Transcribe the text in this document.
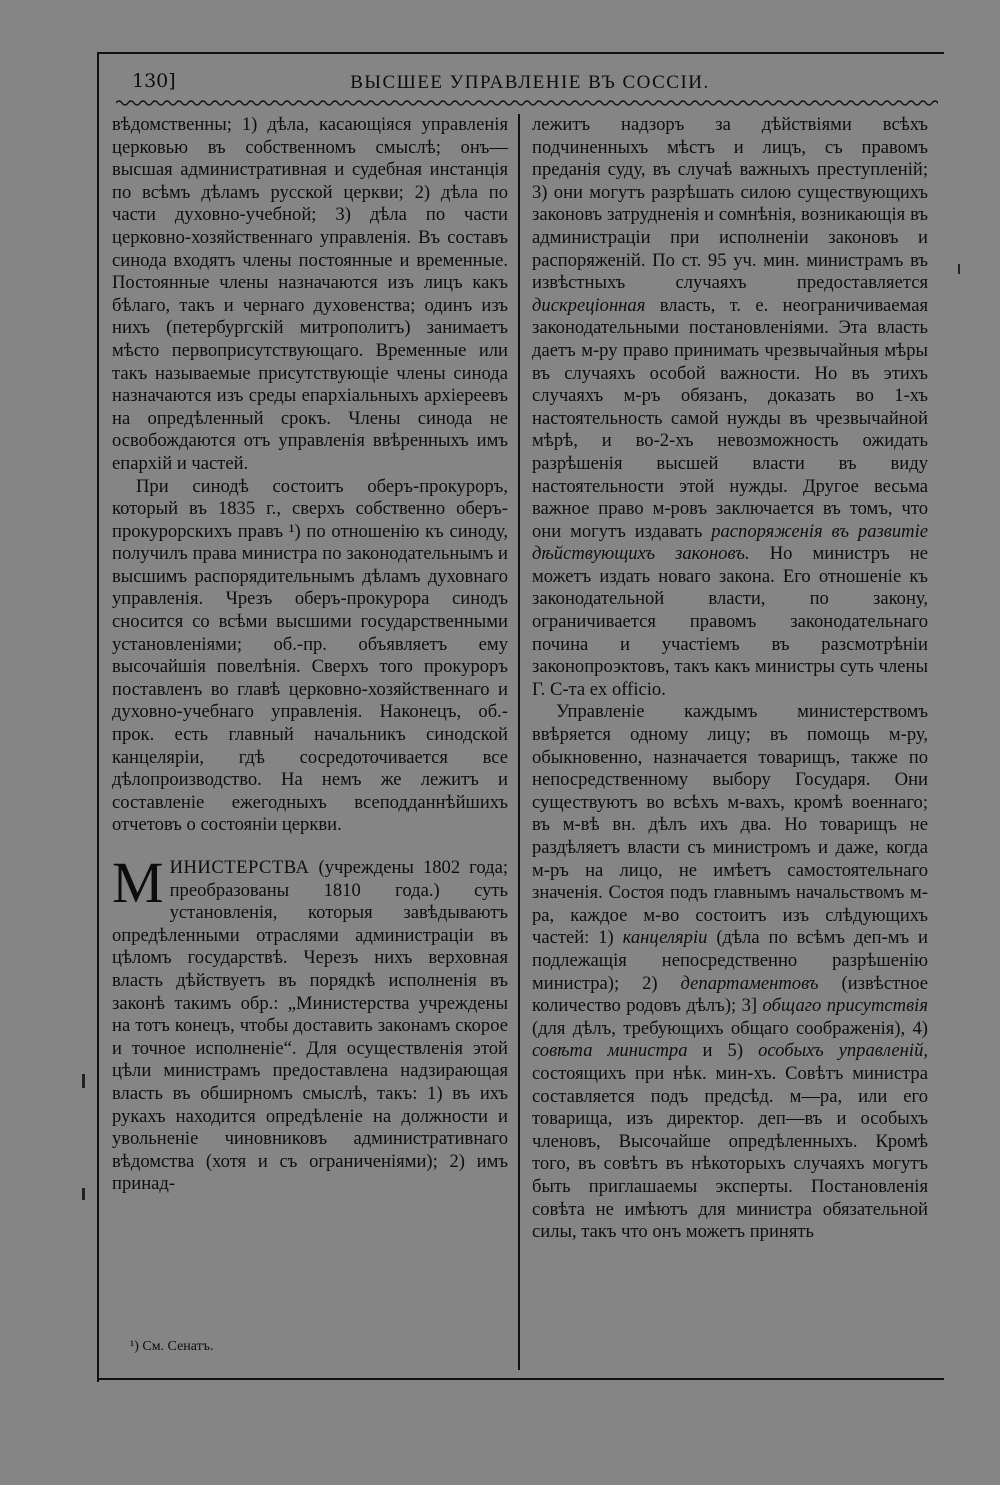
130]	ВЫСШЕЕ УПРАВЛЕНІЕ ВЪ СОССІИ.

вѣдомственны; 1) дѣла, касающіяся управленія церковью въ собственномъ смыслѣ; онъ—высшая административная и судебная инстанція по всѣмъ дѣламъ русской церкви; 2) дѣла по части духовно-учебной; 3) дѣла по части церковно-хозяйственнаго управленія. Въ составъ синода входятъ члены постоянные и временные. Постоянные члены назначаются изъ лицъ какъ бѣлаго, такъ и чернаго духовенства; одинъ изъ нихъ (петербургскій митрополитъ) занимаетъ мѣсто первоприсутствующаго. Временные или такъ называемые присутствующіе члены синода назначаются изъ среды епархіальныхъ архіереевъ на опредѣленный срокъ. Члены синода не освобождаются отъ управленія ввѣренныхъ имъ епархій и частей.

При синодѣ состоитъ оберъ-прокуроръ, который въ 1835 г., сверхъ собственно оберъ-прокурорскихъ правъ ¹) по отношенію къ синоду, получилъ права министра по законодательнымъ и высшимъ распорядительнымъ дѣламъ духовнаго управленія. Чрезъ оберъ-прокурора синодъ сносится со всѣми высшими государственными установленіями; об.-пр. объявляетъ ему высочайшія повелѣнія. Сверхъ того прокуроръ поставленъ во главѣ церковно-хозяйственнаго и духовно-учебнаго управленія. Наконецъ, об.-прок. есть главный начальникъ синодской канцеляріи, гдѣ сосредоточивается все дѣлопроизводство. На немъ же лежитъ и составленіе ежегодныхъ всеподданнѣйшихъ отчетовъ о состояніи церкви.

МИНИСТЕРСТВА (учреждены 1802 года; преобразованы 1810 года.) суть установленія, которыя завѣдываютъ опредѣленными отраслями администраціи въ цѣломъ государствѣ. Черезъ нихъ верховная власть дѣйствуетъ въ порядкѣ исполненія въ законѣ такимъ обр.: „Министерства учреждены на тотъ конецъ, чтобы доставить законамъ скорое и точное исполненіе“. Для осуществленія этой цѣли министрамъ предоставлена надзирающая власть въ обширномъ смыслѣ, такъ: 1) въ ихъ рукахъ находится опредѣленіе на должности и увольненіе чиновниковъ административнаго вѣдомства (хотя и съ ограниченіями); 2) имъ принад-

лежитъ надзоръ за дѣйствіями всѣхъ подчиненныхъ мѣстъ и лицъ, съ правомъ преданія суду, въ случаѣ важныхъ преступленій; 3) они могутъ разрѣшать силою существующихъ законовъ затрудненія и сомнѣнія, возникающія въ администраціи при исполненіи законовъ и распоряженій. По ст. 95 уч. мин. министрамъ въ извѣстныхъ случаяхъ предоставляется дискреціонная власть, т. е. неограничиваемая законодательными постановленіями. Эта власть даетъ м-ру право принимать чрезвычайныя мѣры въ случаяхъ особой важности. Но въ этихъ случаяхъ м-ръ обязанъ, доказать во 1-хъ настоятельность самой нужды въ чрезвычайной мѣрѣ, и во-2-хъ невозможность ожидать разрѣшенія высшей власти въ виду настоятельности этой нужды. Другое весьма важное право м-ровъ заключается въ томъ, что они могутъ издавать распоряженія въ развитіе дѣйствующихъ законовъ. Но министръ не можетъ издать новаго закона. Его отношеніе къ законодательной власти, по закону, ограничивается правомъ законодательнаго почина и участіемъ въ разсмотрѣніи законопроэктовъ, такъ какъ министры суть члены Г. С-та ex officio.

Управленіе каждымъ министерствомъ ввѣряется одному лицу; въ помощь м-ру, обыкновенно, назначается товарищъ, также по непосредственному выбору Государя. Они существуютъ во всѣхъ м-вахъ, кромѣ военнаго; въ м-вѣ вн. дѣлъ ихъ два. Но товарищъ не раздѣляетъ власти съ министромъ и даже, когда м-ръ на лицо, не имѣетъ самостоятельнаго значенія. Состоя подъ главнымъ начальствомъ м-ра, каждое м-во состоитъ изъ слѣдующихъ частей: 1) канцеляріи (дѣла по всѣмъ деп-мъ и подлежащія непосредственно разрѣшенію министра); 2) департаментовъ (извѣстное количество родовъ дѣлъ); 3] общаго присутствія (для дѣлъ, требующихъ общаго соображенія), 4) совѣта министра и 5) особыхъ управленій, состоящихъ при нѣк. мин-хъ. Совѣтъ министра составляется подъ предсѣд. м—ра, или его товарища, изъ директор. деп—въ и особыхъ членовъ, Высочайше опредѣленныхъ. Кромѣ того, въ совѣтъ въ нѣкоторыхъ случаяхъ могутъ быть приглашаемы эксперты. Постановленія совѣта не имѣютъ для министра обязательной силы, такъ что онъ можетъ принять

¹) См. Сенатъ.
